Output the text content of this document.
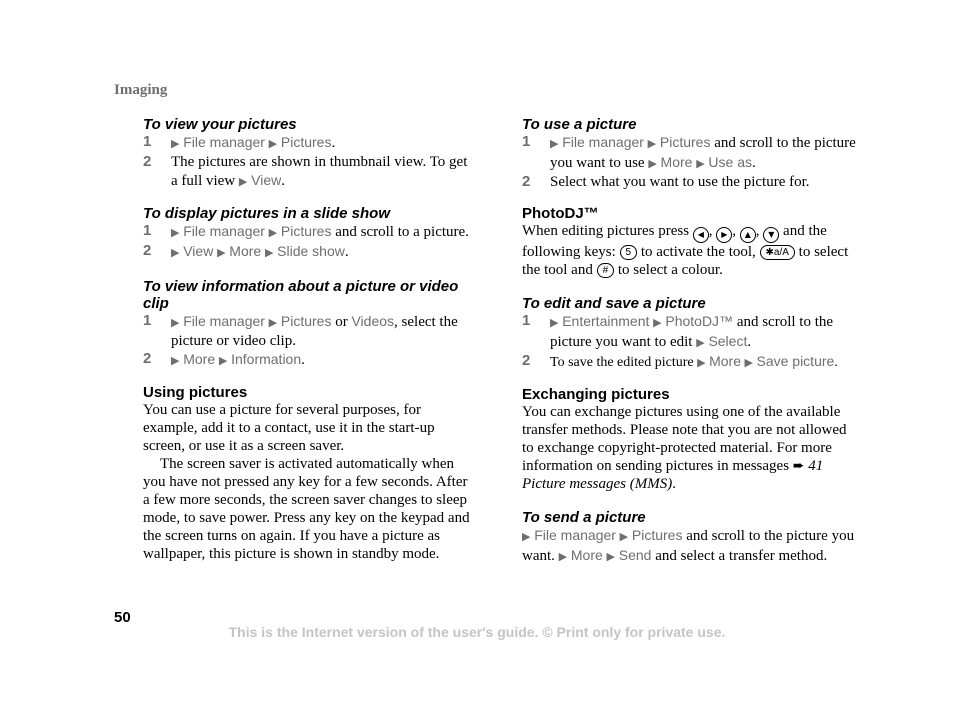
Imaging

To view your pictures

1 ▶ File manager ▶ Pictures.
2 The pictures are shown in thumbnail view. To get a full view ▶ View.

To display pictures in a slide show

1 ▶ File manager ▶ Pictures and scroll to a picture.
2 ▶ View ▶ More ▶ Slide show.

To view information about a picture or video clip

1 ▶ File manager ▶ Pictures or Videos, select the picture or video clip.
2 ▶ More ▶ Information.

Using pictures

You can use a picture for several purposes, for example, add it to a contact, use it in the start-up screen, or use it as a screen saver.

The screen saver is activated automatically when you have not pressed any key for a few seconds. After a few more seconds, the screen saver changes to sleep mode, to save power. Press any key on the keypad and the screen turns on again. If you have a picture as wallpaper, this picture is shown in standby mode.

To use a picture

1 ▶ File manager ▶ Pictures and scroll to the picture you want to use ▶ More ▶ Use as.
2 Select what you want to use the picture for.

PhotoDJ™

When editing pictures press ◀ , ▶ , ▲ , ▼ and the following keys: 5 to activate the tool, ✱a/A to select the tool and # to select a colour.

To edit and save a picture

1 ▶ Entertainment ▶ PhotoDJ™ and scroll to the picture you want to edit ▶ Select.
2 To save the edited picture ▶ More ▶ Save picture.

Exchanging pictures

You can exchange pictures using one of the available transfer methods. Please note that you are not allowed to exchange copyright-protected material. For more information on sending pictures in messages ➨ 41 Picture messages (MMS).

To send a picture

▶ File manager ▶ Pictures and scroll to the picture you want. ▶ More ▶ Send and select a transfer method.

50
This is the Internet version of the user's guide. © Print only for private use.
